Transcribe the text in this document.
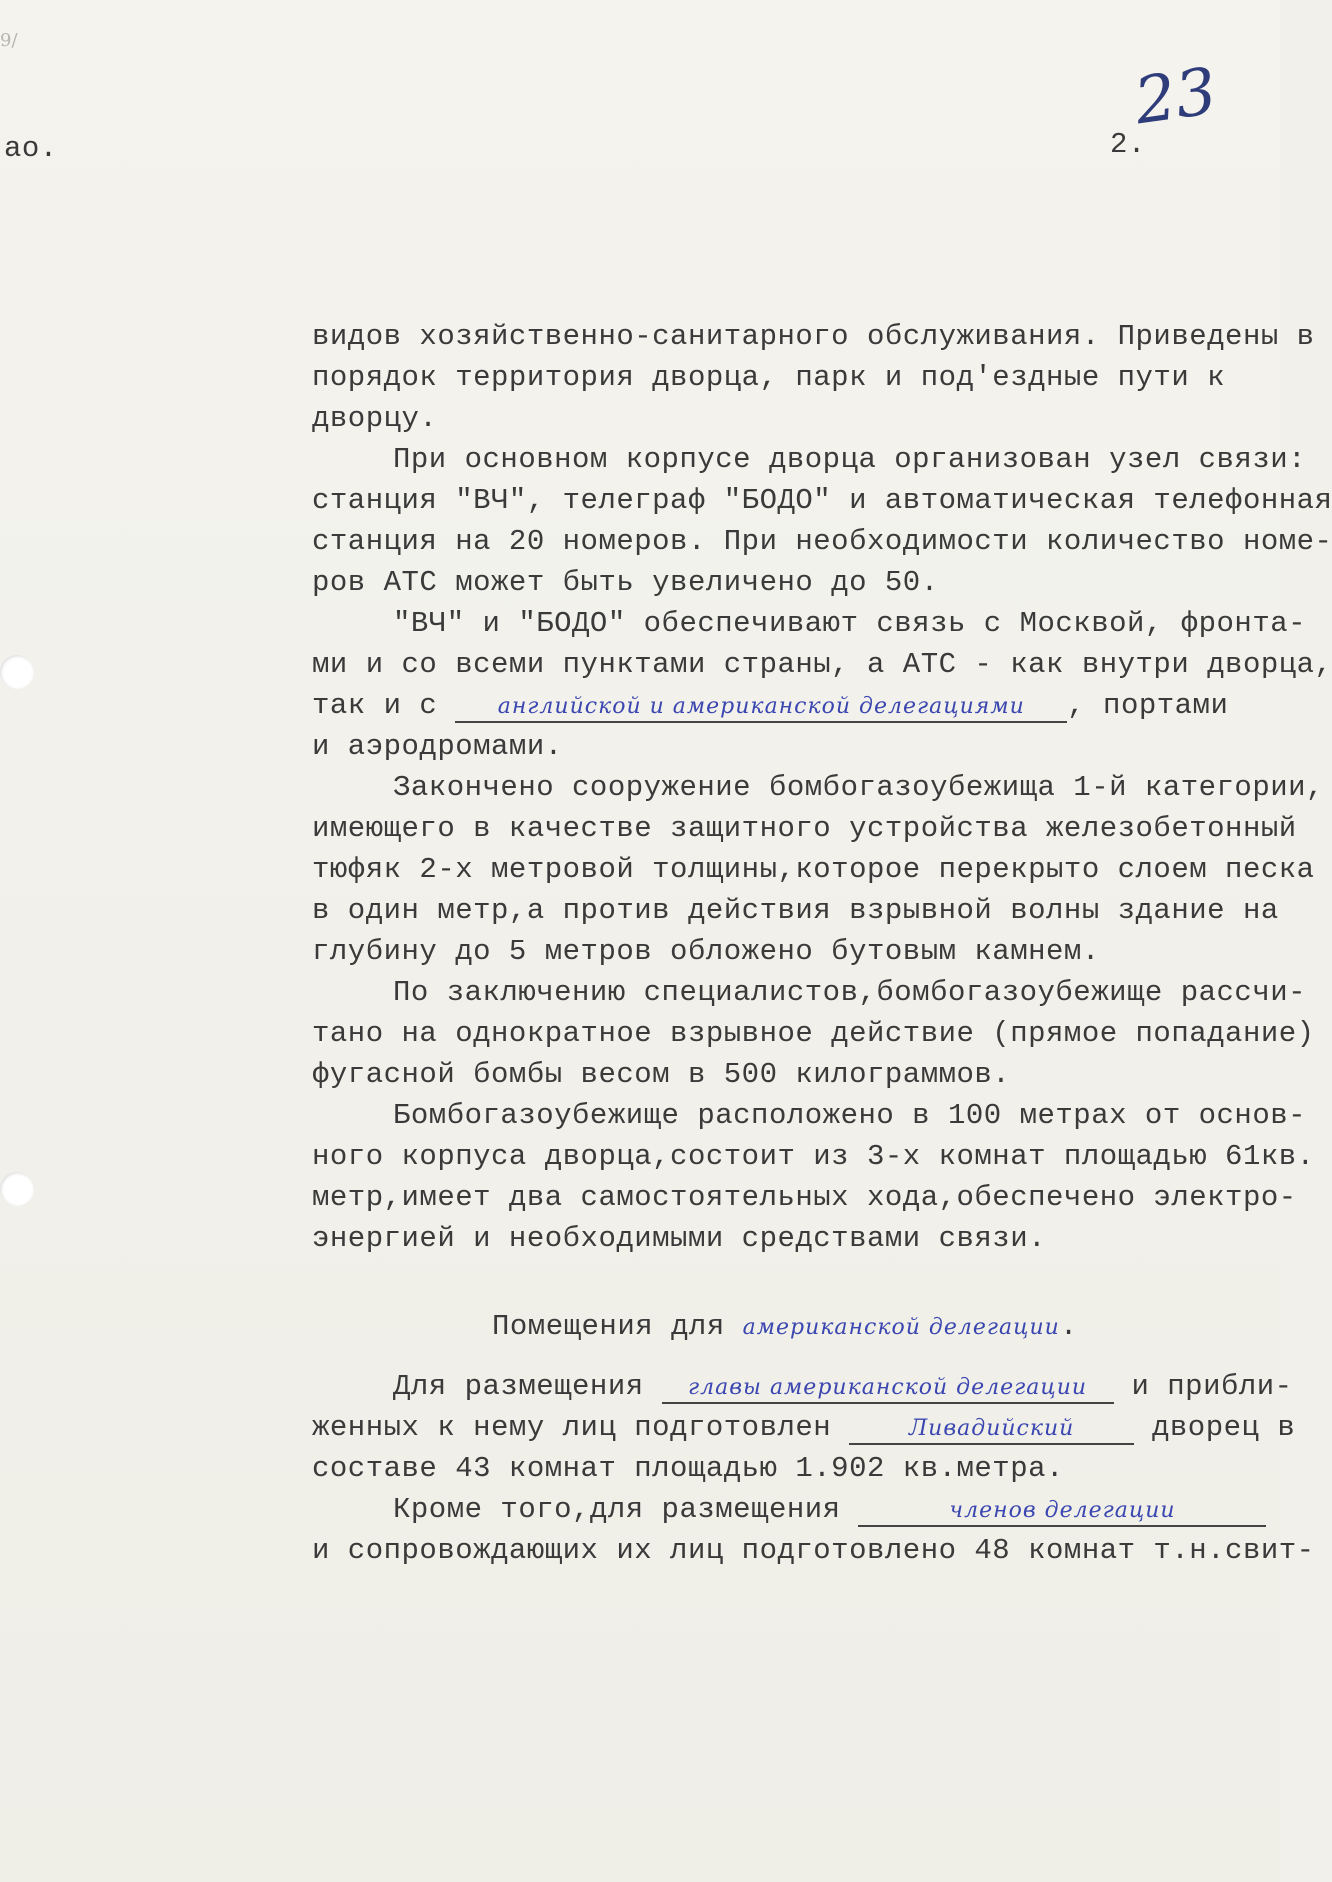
9/
ао.	2.
23
видов хозяйственно-санитарного обслуживания. Приведены в
порядок территория дворца, парк и под'ездные пути к
дворцу.
При основном корпусе дворца организован узел связи:
станция "ВЧ", телеграф "БОДО" и автоматическая телефонная
станция на 20 номеров. При необходимости количество номе-
ров АТС может быть увеличено до 50.
"ВЧ" и "БОДО" обеспечивают связь с Москвой, фронта-
ми и со всеми пунктами страны, а АТС - как внутри дворца,
так и с	английской и американской делегациями , портами
и аэродромами.
Закончено сооружение бомбогазоубежища 1-й категории,
имеющего в качестве защитного устройства железобетонный
тюфяк 2-х метровой толщины,которое перекрыто слоем песка
в один метр,а против действия взрывной волны здание на
глубину до 5 метров обложено бутовым камнем.
По заключению специалистов,бомбогазоубежище рассчи-
тано на однократное взрывное действие (прямое попадание)
фугасной бомбы весом в 500 килограммов.
Бомбогазоубежище расположено в 100 метрах от основ-
ного корпуса дворца,состоит из 3-х комнат площадью 61кв.
метр,имеет два самостоятельных хода,обеспечено электро-
энергией и необходимыми средствами связи.
Помещения для американской делегации.
Для размещения главы американской делегации и прибли-
женных к нему лиц подготовлен	Ливадийский	дворец в
составе 43 комнат площадью 1.902 кв.метра.
Кроме того,для размещения	членов делегации
и сопровождающих их лиц подготовлено 48 комнат т.н.свит-
